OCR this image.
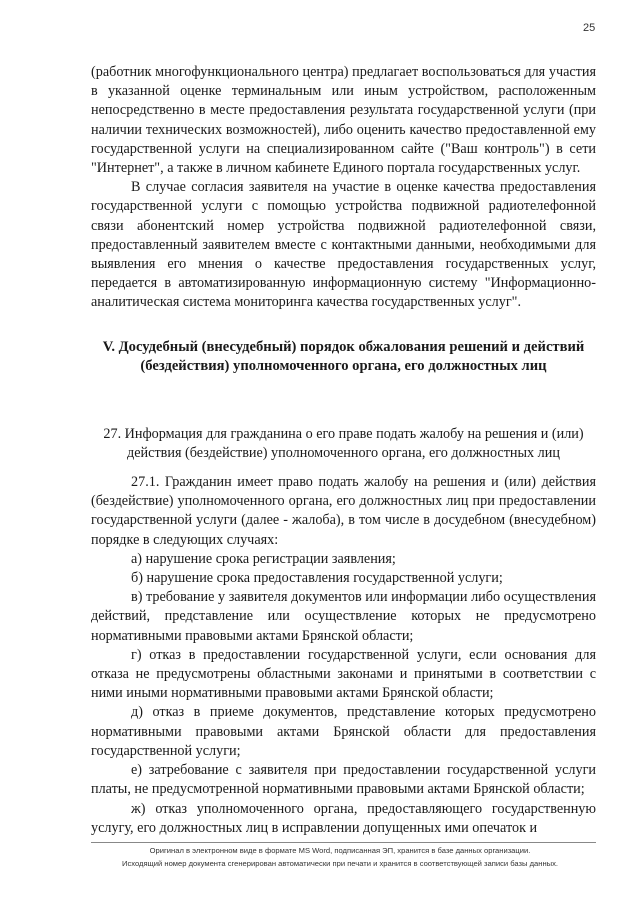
25

(работник многофункционального центра) предлагает воспользоваться для участия в указанной оценке терминальным или иным устройством, расположенным непосредственно в месте предоставления результата государственной услуги (при наличии технических возможностей), либо оценить качество предоставленной ему государственной услуги на специализированном сайте ("Ваш контроль") в сети "Интернет", а также в личном кабинете Единого портала государственных услуг.

В случае согласия заявителя на участие в оценке качества предоставления государственной услуги с помощью устройства подвижной радиотелефонной связи абонентский номер устройства подвижной радиотелефонной связи, предоставленный заявителем вместе с контактными данными, необходимыми для выявления его мнения о качестве предоставления государственных услуг, передается в автоматизированную информационную систему "Информационно-аналитическая система мониторинга качества государственных услуг".

V. Досудебный (внесудебный) порядок обжалования решений и действий (бездействия) уполномоченного органа, его должностных лиц

27. Информация для гражданина о его праве подать жалобу на решения и (или) действия (бездействие) уполномоченного органа, его должностных лиц

27.1. Гражданин имеет право подать жалобу на решения и (или) действия (бездействие) уполномоченного органа, его должностных лиц при предоставлении государственной услуги (далее - жалоба), в том числе в досудебном (внесудебном) порядке в следующих случаях:

а) нарушение срока регистрации заявления;

б) нарушение срока предоставления государственной услуги;

в) требование у заявителя документов или информации либо осуществления действий, представление или осуществление которых не предусмотрено нормативными правовыми актами Брянской области;

г) отказ в предоставлении государственной услуги, если основания для отказа не предусмотрены областными законами и принятыми в соответствии с ними иными нормативными правовыми актами Брянской области;

д) отказ в приеме документов, представление которых предусмотрено нормативными правовыми актами Брянской области для предоставления государственной услуги;

е) затребование с заявителя при предоставлении государственной услуги платы, не предусмотренной нормативными правовыми актами Брянской области;

ж) отказ уполномоченного органа, предоставляющего государственную услугу, его должностных лиц в исправлении допущенных ими опечаток и

Оригинал в электронном виде в формате MS Word, подписанная ЭП, хранится в базе данных организации.
Исходящий номер документа сгенерирован автоматически при печати и хранится в соответствующей записи базы данных.
